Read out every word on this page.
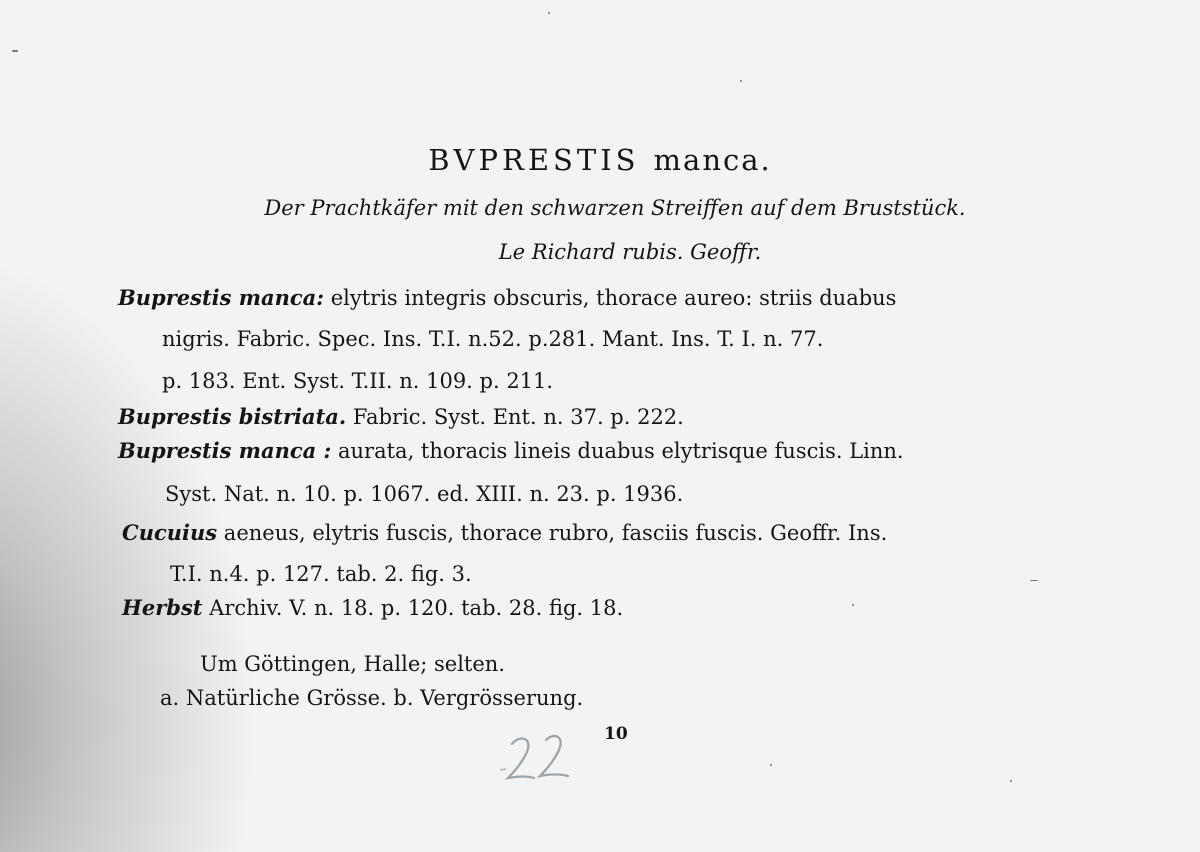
BVPRESTIS manca.
Der Prachtkäfer mit den schwarzen Streiffen auf dem Bruststück.
Le Richard rubis. Geoffr.
Buprestis manca: elytris integris obscuris, thorace aureo: striis duabus
nigris. Fabric. Spec. Ins. T.I. n.52. p.281. Mant. Ins. T. I. n. 77.
p. 183. Ent. Syst. T.II. n. 109. p. 211.
Buprestis bistriata. Fabric. Syst. Ent. n. 37. p. 222.
Buprestis manca : aurata, thoracis lineis duabus elytrisque fuscis. Linn.
Syst. Nat. n. 10. p. 1067. ed. XIII. n. 23. p. 1936.
Cucuius aeneus, elytris fuscis, thorace rubro, fasciis fuscis. Geoffr. Ins.
T.I. n.4. p. 127. tab. 2. fig. 3.
Herbst Archiv. V. n. 18. p. 120. tab. 28. fig. 18.
Um Göttingen, Halle; selten.
a. Natürliche Grösse. b. Vergrösserung.
10
